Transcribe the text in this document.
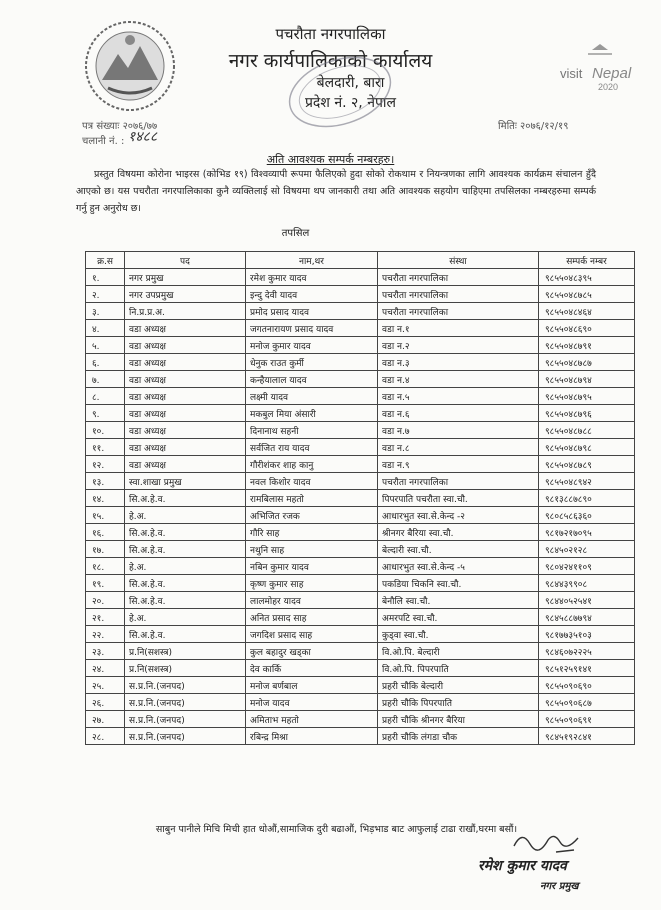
पचरौता नगरपालिका
नगर कार्यपालिकाको कार्यालय
बेलदारी, बारा
प्रदेश नं. २, नेपाल
visit Nepal
2020
पत्र संख्याः २०७६/७७
चलानी नं. : १४८८
मितिः २०७६/१२/१९
अति आवश्यक सम्पर्क नम्बरहरु।
प्रस्तुत विषयमा कोरोना भाइरस (कोभिड १९) विश्वव्यापी रूपमा फैलिएको हुदा सोको रोकथाम र नियन्त्रणका लागि आवश्यक कार्यक्रम संचालन हुँदै आएको छ। यस पचरौता नगरपालिकाका कुनै व्यक्तिलाई सो विषयमा थप जानकारी तथा अति आवश्यक सहयोग चाहिएमा तपसिलका नम्बरहरुमा सम्पर्क गर्नु हुन अनुरोध छ।
तपसिल
क्र.स	पद	नाम,थर	संस्था	सम्पर्क नम्बर
१.	नगर प्रमुख	रमेश कुमार यादव	पचरौता नगरपालिका	९८५५०४८३९५
२.	नगर उपप्रमुख	इन्दु देवी यादव	पचरौता नगरपालिका	९८५५०४८७८५
३.	नि.प्र.प्र.अ.	प्रमोद प्रसाद यादव	पचरौता नगरपालिका	९८५५०४८४६४
४.	वडा अध्यक्ष	जगतनारायण प्रसाद यादव	वडा न.१	९८५५०४८६९०
५.	वडा अध्यक्ष	मनोज कुमार यादव	वडा न.२	९८५५०४८७९१
६.	वडा अध्यक्ष	धेनुक राउत कुर्मी	वडा न.३	९८५५०४८७८७
७.	वडा अध्यक्ष	कन्हैयालाल यादव	वडा न.४	९८५५०४८७९४
८.	वडा अध्यक्ष	लक्ष्मी यादव	वडा न.५	९८५५०४८७९५
९.	वडा अध्यक्ष	मकबुल मिया अंसारी	वडा न.६	९८५५०४८७९६
१०.	वडा अध्यक्ष	दिनानाथ सहनी	वडा न.७	९८५५०४८७८८
११.	वडा अध्यक्ष	सर्वजित राय यादव	वडा न.८	९८५५०४८७९८
१२.	वडा अध्यक्ष	गौरीशंकर शाह कानु	वडा न.९	९८५५०४८७८९
१३.	स्वा.शाखा प्रमुख	नवल किशोर यादव	पचरौता नगरपालिका	९८५५०४८९४२
१४.	सि.अ.हे.व.	रामबिलास महतो	पिपरपाति पचरौता स्वा.चौ.	९८१३८८७८९०
१५.	हे.अ.	अभिजित रजक	आधारभुत स्वा.से.केन्द -२	९८०८५८६३६०
१६.	सि.अ.हे.व.	गौरि साह	श्रीनगर बैरिया स्वा.चौ.	९८१७२१७०९५
१७.	सि.अ.हे.व.	नथुनि साह	बेल्दारी स्वा.चौ.	९८४५०२१२८
१८.	हे.अ.	नबिन कुमार यादव	आधारभुत स्वा.से.केन्द -५	९८०४२४११०९
१९.	सि.अ.हे.व.	कृष्ण कुमार साह	पकडिया चिकनि स्वा.चौ.	९८४४३९९०८
२०.	सि.अ.हे.व.	लालमोहर यादव	बेनौलि स्वा.चौ.	९८४४०५२५४१
२१.	हे.अ.	अनित प्रसाद साह	अमरपटि स्वा.चौ.	९८४५८८७७९४
२२.	सि.अ.हे.व.	जगदिश प्रसाद साह	कुड्वा स्वा.चौ.	९८१७७३५१०३
२३.	प्र.नि(सशस्त्र)	कुल बहादुर खड्का	वि.ओ.पि. बेल्दारी	९८४६०७२२२५
२४.	प्र.नि(सशस्त्र)	देव कार्कि	वि.ओ.पि. पिपरपाति	९८५१२५९१४१
२५.	स.प्र.नि.(जनपद)	मनोज बर्णबाल	प्रहरी चौकि बेल्दारी	९८५५०९०६९०
२६.	स.प्र.नि.(जनपद)	मनोज यादव	प्रहरी चौकि पिपरपाति	९८५५०९०६८७
२७.	स.प्र.नि.(जनपद)	अमिताभ महतो	प्रहरी चौकि श्रीनगर बैरिया	९८५५०९०६९१
२८.	स.प्र.नि.(जनपद)	रबिन्द्र मिश्रा	प्रहरी चौकि लंगडा चौक	९८४५१९२८४१
साबुन पानीले मिचि मिची हात धोऔं,सामाजिक दुरी बढाऔं, भिड़भाड बाट आफुलाई टाढा राखौं,घरमा बसौं।
रमेश कुमार यादव
नगर प्रमुख
